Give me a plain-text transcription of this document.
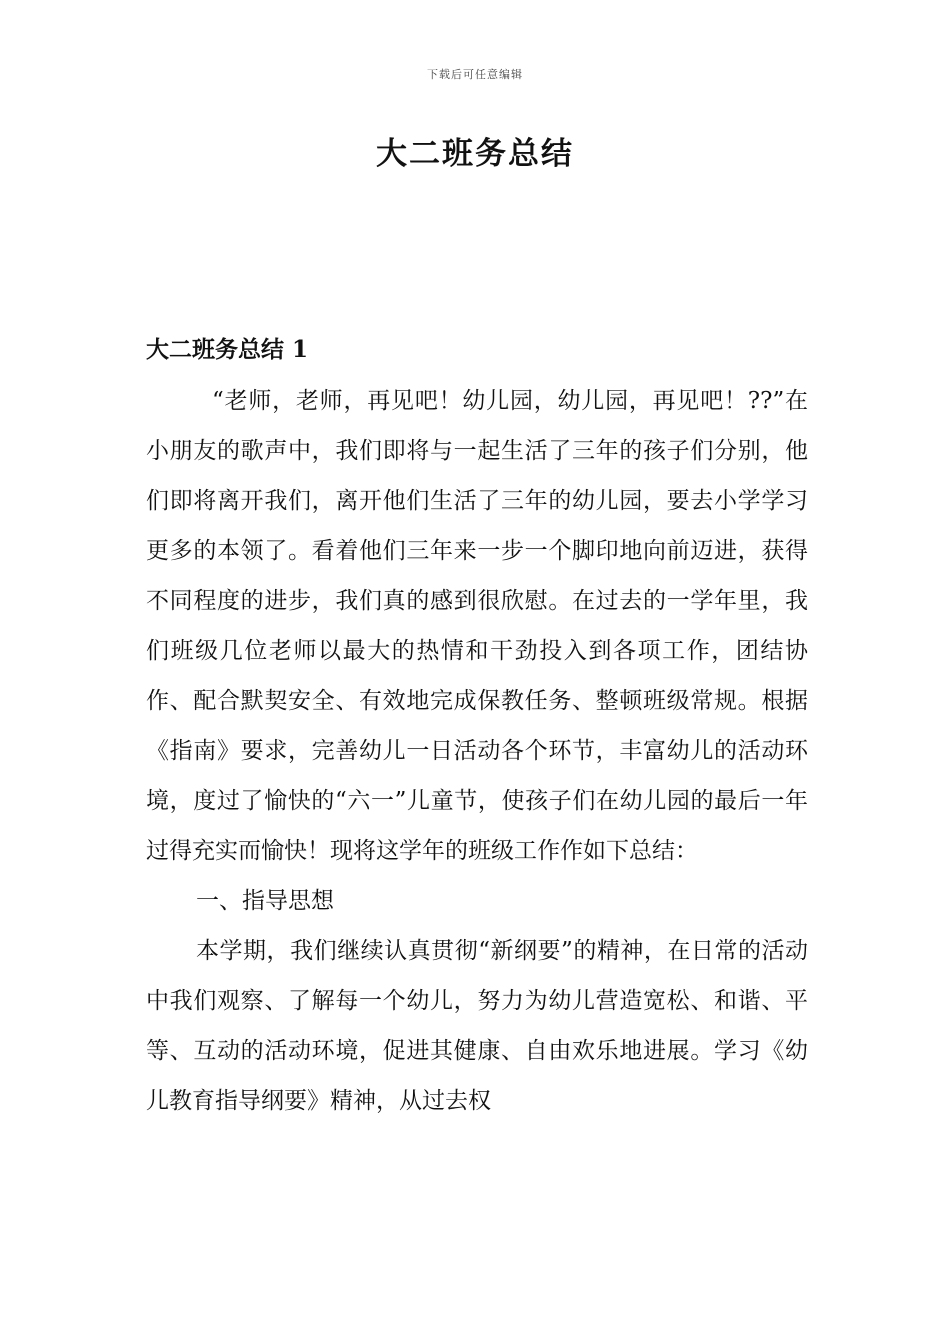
下载后可任意编辑
大二班务总结
大二班务总结 1

“老师，老师，再见吧！幼儿园，幼儿园，再见吧！??”在小朋友的歌声中，我们即将与一起生活了三年的孩子们分别，他们即将离开我们，离开他们生活了三年的幼儿园，要去小学学习更多的本领了。看着他们三年来一步一个脚印地向前迈进，获得不同程度的进步，我们真的感到很欣慰。在过去的一学年里，我们班级几位老师以最大的热情和干劲投入到各项工作，团结协作、配合默契安全、有效地完成保教任务、整顿班级常规。根据《指南》要求，完善幼儿一日活动各个环节，丰富幼儿的活动环境，度过了愉快的“六一”儿童节，使孩子们在幼儿园的最后一年过得充实而愉快！现将这学年的班级工作作如下总结：

一、指导思想

本学期，我们继续认真贯彻“新纲要”的精神，在日常的活动中我们观察、了解每一个幼儿，努力为幼儿营造宽松、和谐、平等、互动的活动环境，促进其健康、自由欢乐地进展。学习《幼儿教育指导纲要》精神，从过去权
